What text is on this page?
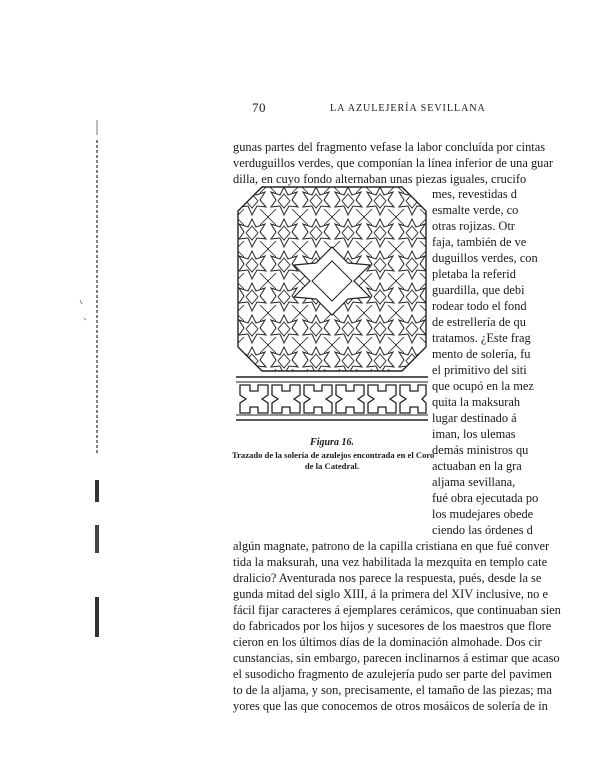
70	LA AZULEJERÍA SEVILLANA
gunas partes del fragmento vefase la labor concluída por cintas
verduguillos verdes, que componían la línea inferior de una guar
dilla, en cuyo fondo alternaban unas piezas iguales, crucifo
mes, revestidas d
esmalte verde, co
otras rojizas. Otr
faja, también de ve
duguillos verdes, con
pletaba la referid
guardilla, que debi
rodear todo el fond
de estrellería de qu
tratamos. ¿Este frag
mento de solería, fu
el primitivo del siti
que ocupó en la mez
quita la maksurah
lugar destinado á
iman, los ulemas
demás ministros qu
actuaban en la gra
aljama sevillana,
fué obra ejecutada po
los mudejares obede
ciendo las órdenes d
algún magnate, patrono de la capilla cristiana en que fué conver
tida la maksurah, una vez habilitada la mezquita en templo cate
dralicio? Aventurada nos parece la respuesta, pués, desde la se
gunda mitad del siglo XIII, á la primera del XIV inclusive, no e
fácil fijar caracteres á ejemplares cerámicos, que continuaban sien
do fabricados por los hijos y sucesores de los maestros que flore
cieron en los últimos días de la dominación almohade. Dos cir
cunstancias, sin embargo, parecen inclinarnos á estimar que acaso
el susodicho fragmento de azulejería pudo ser parte del pavimen
to de la aljama, y son, precisamente, el tamaño de las piezas; ma
yores que las que conocemos de otros mosáicos de solería de in
Figura 16.
Trazado de la solería de azulejos encontrada en el Coro
de la Catedral.
